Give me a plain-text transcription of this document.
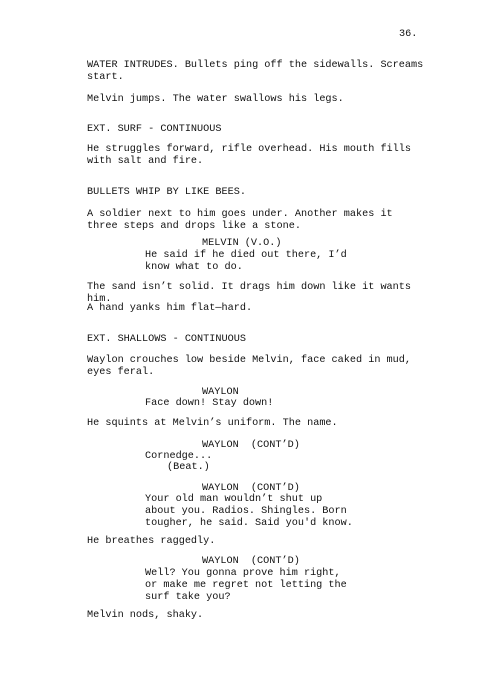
36.
WATER INTRUDES. Bullets ping off the sidewalls. Screams start.
Melvin jumps. The water swallows his legs.
EXT. SURF - CONTINUOUS
He struggles forward, rifle overhead. His mouth fills with salt and fire.
BULLETS WHIP BY LIKE BEES.
A soldier next to him goes under. Another makes it three steps and drops like a stone.
MELVIN (V.O.)
He said if he died out there, I’d know what to do.
The sand isn’t solid. It drags him down like it wants him.
A hand yanks him flat—hard.
EXT. SHALLOWS - CONTINUOUS
Waylon crouches low beside Melvin, face caked in mud, eyes feral.
WAYLON
Face down! Stay down!
He squints at Melvin’s uniform. The name.
WAYLON  (CONT’D)
Cornedge...
(Beat.)
WAYLON  (CONT’D)
Your old man wouldn’t shut up about you. Radios. Shingles. Born tougher, he said. Said you'd know.
He breathes raggedly.
WAYLON  (CONT’D)
Well? You gonna prove him right, or make me regret not letting the surf take you?
Melvin nods, shaky.
